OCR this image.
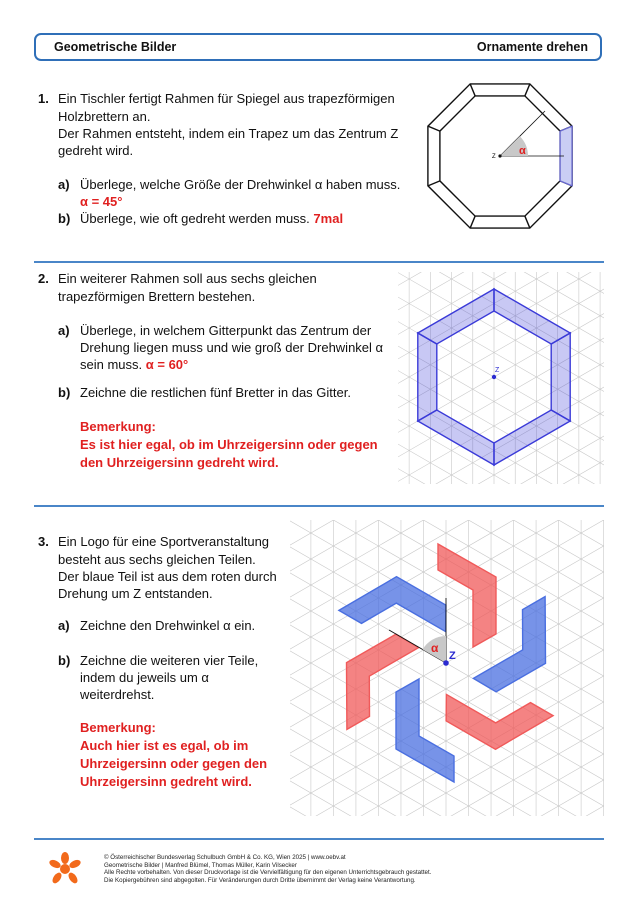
Geometrische Bilder	Ornamente drehen
1. Ein Tischler fertigt Rahmen für Spiegel aus trapezförmigen
Holzbrettern an.
Der Rahmen entsteht, indem ein Trapez um das Zentrum Z
gedreht wird.
a) Überlege, welche Größe der Drehwinkel α haben muss.
α = 45°
b) Überlege, wie oft gedreht werden muss. 7mal
Z α
2. Ein weiterer Rahmen soll aus sechs gleichen
trapezförmigen Brettern bestehen.
a) Überlege, in welchem Gitterpunkt das Zentrum der
Drehung liegen muss und wie groß der Drehwinkel α
sein muss. α = 60°
b) Zeichne die restlichen fünf Bretter in das Gitter.
Bemerkung:
Es ist hier egal, ob im Uhrzeigersinn oder gegen
den Uhrzeigersinn gedreht wird.
Z
3. Ein Logo für eine Sportveranstaltung
besteht aus sechs gleichen Teilen.
Der blaue Teil ist aus dem roten durch
Drehung um Z entstanden.
a) Zeichne den Drehwinkel α ein.
b) Zeichne die weiteren vier Teile,
indem du jeweils um α
weiterdrehst.
Bemerkung:
Auch hier ist es egal, ob im
Uhrzeigersinn oder gegen den
Uhrzeigersinn gedreht wird.
Z
α
© Österreichischer Bundesverlag Schulbuch GmbH & Co. KG, Wien 2025 | www.oebv.at
Geometrische Bilder | Manfred Blümel, Thomas Müller, Karin Vilsecker
Alle Rechte vorbehalten. Von dieser Druckvorlage ist die Vervielfältigung für den eigenen Unterrichtsgebrauch gestattet.
Die Kopiergebühren sind abgegolten. Für Veränderungen durch Dritte übernimmt der Verlag keine Verantwortung.
